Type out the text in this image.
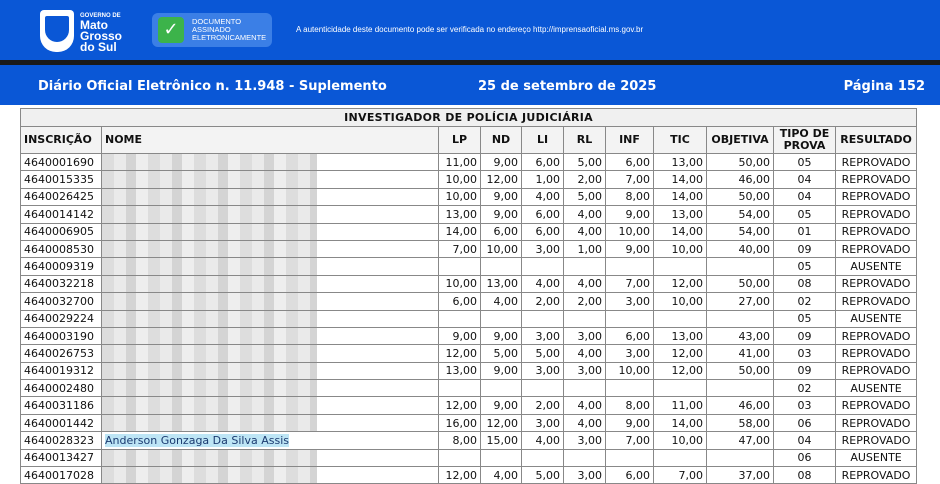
GOVERNO DE
Mato
Grosso
do Sul
✓	DOCUMENTO
ASSINADO
ELETRONICAMENTE
A autenticidade deste documento pode ser verificada no endereço http://imprensaoficial.ms.gov.br
Diário Oficial Eletrônico n. 11.948 - Suplemento	25 de setembro de 2025	Página 152
INVESTIGADOR DE POLÍCIA JUDICIÁRIA										
INSCRIÇÃO	NOME	LP	ND	LI	RL	INF	TIC	OBJETIVA	TIPO DE PROVA	RESULTADO
4640001690		11,00	9,00	6,00	5,00	6,00	13,00	50,00	05	REPROVADO
4640015335		10,00	12,00	1,00	2,00	7,00	14,00	46,00	04	REPROVADO
4640026425		10,00	9,00	4,00	5,00	8,00	14,00	50,00	04	REPROVADO
4640014142		13,00	9,00	6,00	4,00	9,00	13,00	54,00	05	REPROVADO
4640006905		14,00	6,00	6,00	4,00	10,00	14,00	54,00	01	REPROVADO
4640008530		7,00	10,00	3,00	1,00	9,00	10,00	40,00	09	REPROVADO
4640009319									05	AUSENTE
4640032218		10,00	13,00	4,00	4,00	7,00	12,00	50,00	08	REPROVADO
4640032700		6,00	4,00	2,00	2,00	3,00	10,00	27,00	02	REPROVADO
4640029224									05	AUSENTE
4640003190		9,00	9,00	3,00	3,00	6,00	13,00	43,00	09	REPROVADO
4640026753		12,00	5,00	5,00	4,00	3,00	12,00	41,00	03	REPROVADO
4640019312		13,00	9,00	3,00	3,00	10,00	12,00	50,00	09	REPROVADO
4640002480									02	AUSENTE
4640031186		12,00	9,00	2,00	4,00	8,00	11,00	46,00	03	REPROVADO
4640001442		16,00	12,00	3,00	4,00	9,00	14,00	58,00	06	REPROVADO
4640028323	Anderson Gonzaga Da Silva Assis	8,00	15,00	4,00	3,00	7,00	10,00	47,00	04	REPROVADO
4640013427									06	AUSENTE
4640017028		12,00	4,00	5,00	3,00	6,00	7,00	37,00	08	REPROVADO
